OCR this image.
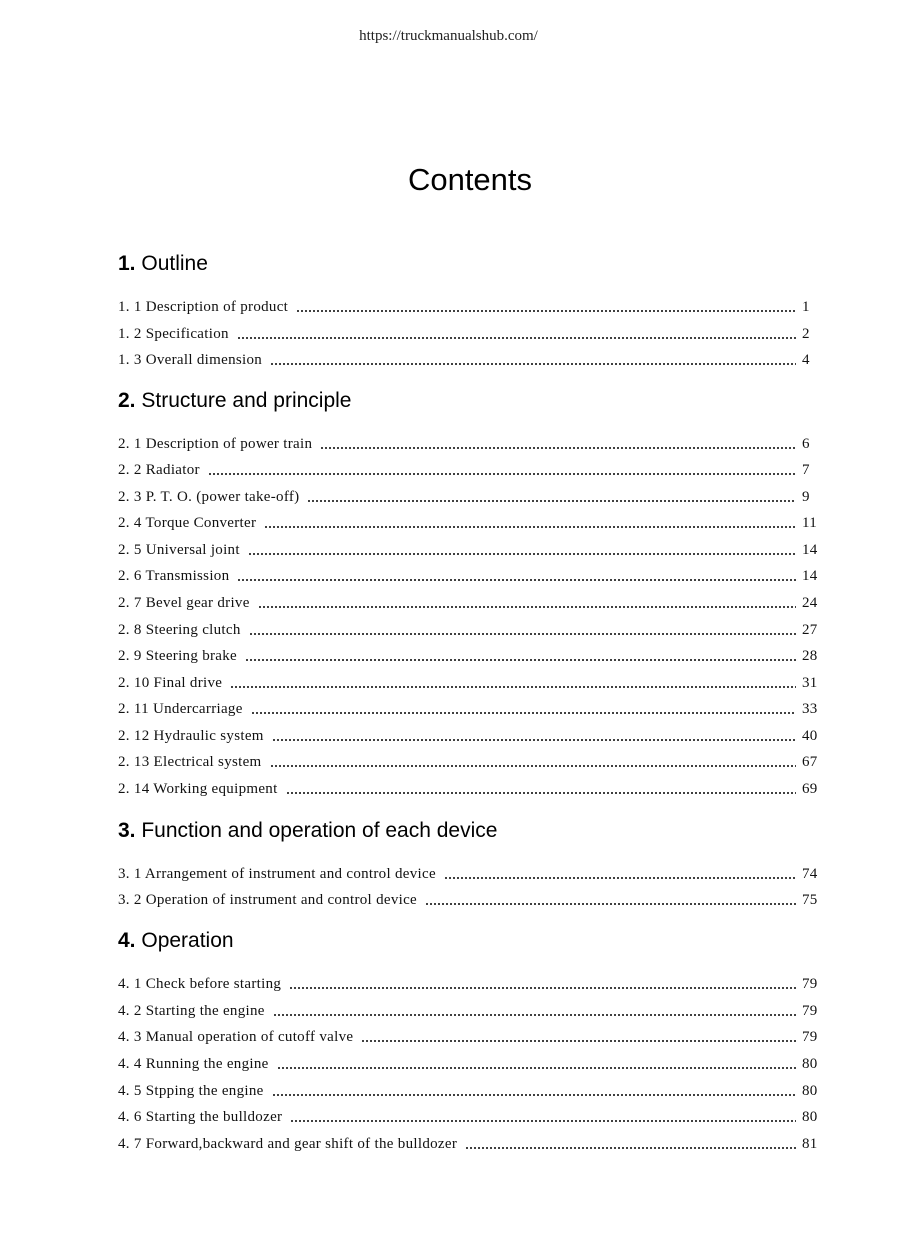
https://truckmanualshub.com/
Contents
1. Outline
1. 1 Description of product	1
1. 2 Specification	2
1. 3 Overall dimension	4
2. Structure and principle
2. 1 Description of power train	6
2. 2 Radiator	7
2. 3 P. T. O. (power take-off)	9
2. 4 Torque Converter	11
2. 5 Universal joint	14
2. 6 Transmission	14
2. 7 Bevel gear drive	24
2. 8 Steering clutch	27
2. 9 Steering brake	28
2. 10 Final drive	31
2. 11 Undercarriage	33
2. 12 Hydraulic system	40
2. 13 Electrical system	67
2. 14 Working equipment	69
3. Function and operation of each device
3. 1 Arrangement of instrument and control device	74
3. 2 Operation of instrument and control device	75
4. Operation
4. 1 Check before starting	79
4. 2 Starting the engine	79
4. 3 Manual operation of cutoff valve	79
4. 4 Running the engine	80
4. 5 Stpping the engine	80
4. 6 Starting the bulldozer	80
4. 7 Forward,backward and gear shift of the bulldozer	81
